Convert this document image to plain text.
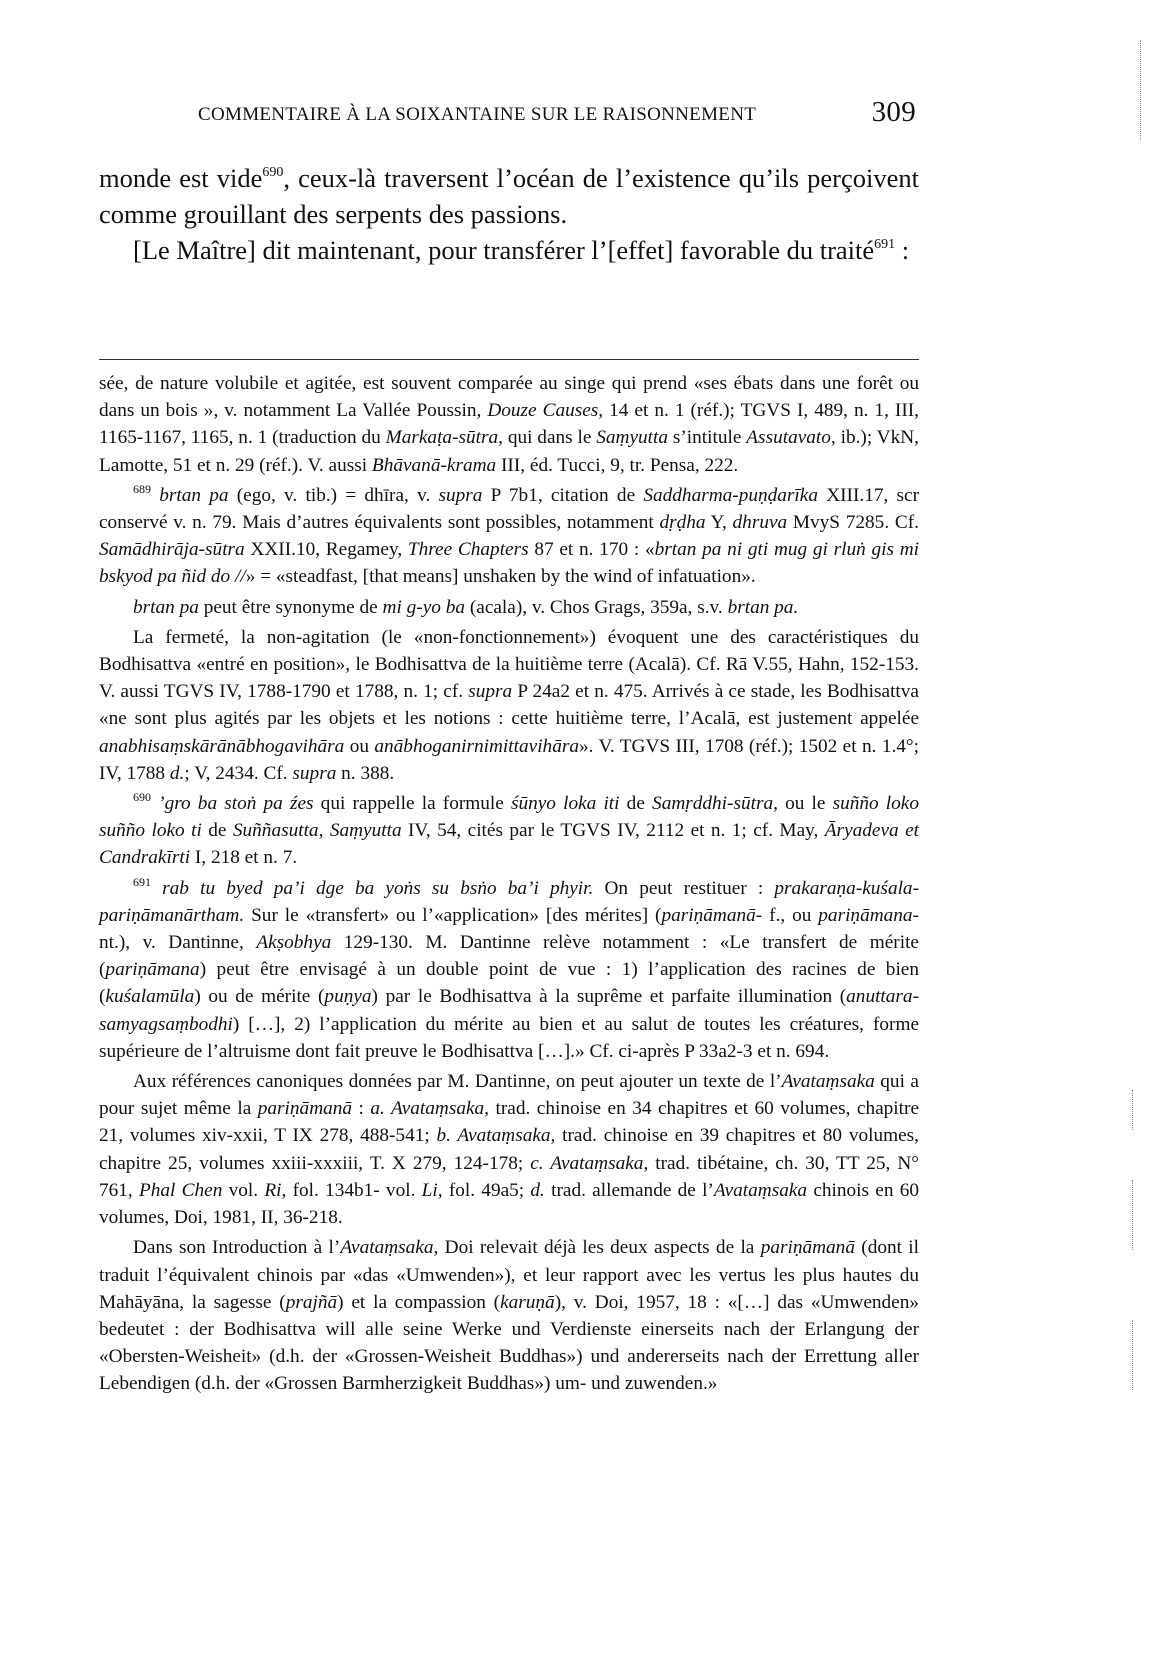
COMMENTAIRE À LA SOIXANTAINE SUR LE RAISONNEMENT	309

monde est vide$^{690}$, ceux-là traversent l’océan de l’existence qu’ils perçoivent comme grouillant des serpents des passions.

[Le Maître] dit maintenant, pour transférer l’[effet] favorable du traité$^{691}$ :

sée, de nature volubile et agitée, est souvent comparée au singe qui prend «ses ébats dans une forêt ou dans un bois », v. notamment La Vallée Poussin, Douze Causes, 14 et n. 1 (réf.); TGVS I, 489, n. 1, III, 1165-1167, 1165, n. 1 (traduction du Markaṭa-sūtra, qui dans le Saṃyutta s’intitule Assutavato, ib.); VkN, Lamotte, 51 et n. 29 (réf.). V. aussi Bhāvanā-krama III, éd. Tucci, 9, tr. Pensa, 222.

$^{689}$ brtan pa (ego, v. tib.) = dhīra, v. supra P 7b1, citation de Saddharma-puṇḍarīka XIII.17, scr conservé v. n. 79. Mais d’autres équivalents sont possibles, notamment dṛḍha Y, dhruva MvyS 7285. Cf. Samādhirāja-sūtra XXII.10, Regamey, Three Chapters 87 et n. 170 : «brtan pa ni gti mug gi rluṅ gis mi bskyod pa ñid do //» = «steadfast, [that means] unshaken by the wind of infatuation».

brtan pa peut être synonyme de mi g-yo ba (acala), v. Chos Grags, 359a, s.v. brtan pa.

La fermeté, la non-agitation (le «non-fonctionnement») évoquent une des caractéristiques du Bodhisattva «entré en position», le Bodhisattva de la huitième terre (Acalā). Cf. Rā V.55, Hahn, 152-153. V. aussi TGVS IV, 1788-1790 et 1788, n. 1; cf. supra P 24a2 et n. 475. Arrivés à ce stade, les Bodhisattva «ne sont plus agités par les objets et les notions : cette huitième terre, l’Acalā, est justement appelée anabhisaṃskārānābhogavihāra ou anābhoganirnimittavihāra». V. TGVS III, 1708 (réf.); 1502 et n. 1.4°; IV, 1788 d.; V, 2434. Cf. supra n. 388.

$^{690}$ ’gro ba stoṅ pa źes qui rappelle la formule śūnyo loka iti de Samṛddhi-sūtra, ou le suñño loko suñño loko ti de Suññasutta, Saṃyutta IV, 54, cités par le TGVS IV, 2112 et n. 1; cf. May, Āryadeva et Candrakīrti I, 218 et n. 7.

$^{691}$ rab tu byed pa’i dge ba yoṅs su bsṅo ba’i phyir. On peut restituer : prakaraṇa-kuśala-pariṇāmanārtham. Sur le «transfert» ou l’«application» [des mérites] (pariṇāmanā- f., ou pariṇāmana- nt.), v. Dantinne, Akṣobhya 129-130. M. Dantinne relève notamment : «Le transfert de mérite (pariṇāmana) peut être envisagé à un double point de vue : 1) l’application des racines de bien (kuśalamūla) ou de mérite (puṇya) par le Bodhisattva à la suprême et parfaite illumination (anuttara-samyagsaṃbodhi) […], 2) l’application du mérite au bien et au salut de toutes les créatures, forme supérieure de l’altruisme dont fait preuve le Bodhisattva […].» Cf. ci-après P 33a2-3 et n. 694.

Aux références canoniques données par M. Dantinne, on peut ajouter un texte de l’Avataṃsaka qui a pour sujet même la pariṇāmanā : a. Avataṃsaka, trad. chinoise en 34 chapitres et 60 volumes, chapitre 21, volumes xiv-xxii, T IX 278, 488-541; b. Avataṃsaka, trad. chinoise en 39 chapitres et 80 volumes, chapitre 25, volumes xxiii-xxxiii, T. X 279, 124-178; c. Avataṃsaka, trad. tibétaine, ch. 30, TT 25, N° 761, Phal Chen vol. Ri, fol. 134b1- vol. Li, fol. 49a5; d. trad. allemande de l’Avataṃsaka chinois en 60 volumes, Doi, 1981, II, 36-218.

Dans son Introduction à l’Avataṃsaka, Doi relevait déjà les deux aspects de la pariṇāmanā (dont il traduit l’équivalent chinois par «das «Umwenden»), et leur rapport avec les vertus les plus hautes du Mahāyāna, la sagesse (prajñā) et la compassion (karuṇā), v. Doi, 1957, 18 : «[…] das «Umwenden» bedeutet : der Bodhisattva will alle seine Werke und Verdienste einerseits nach der Erlangung der «Obersten-Weisheit» (d.h. der «Grossen-Weisheit Buddhas») und andererseits nach der Errettung aller Lebendigen (d.h. der «Grossen Barmherzigkeit Buddhas») um- und zuwenden.»
